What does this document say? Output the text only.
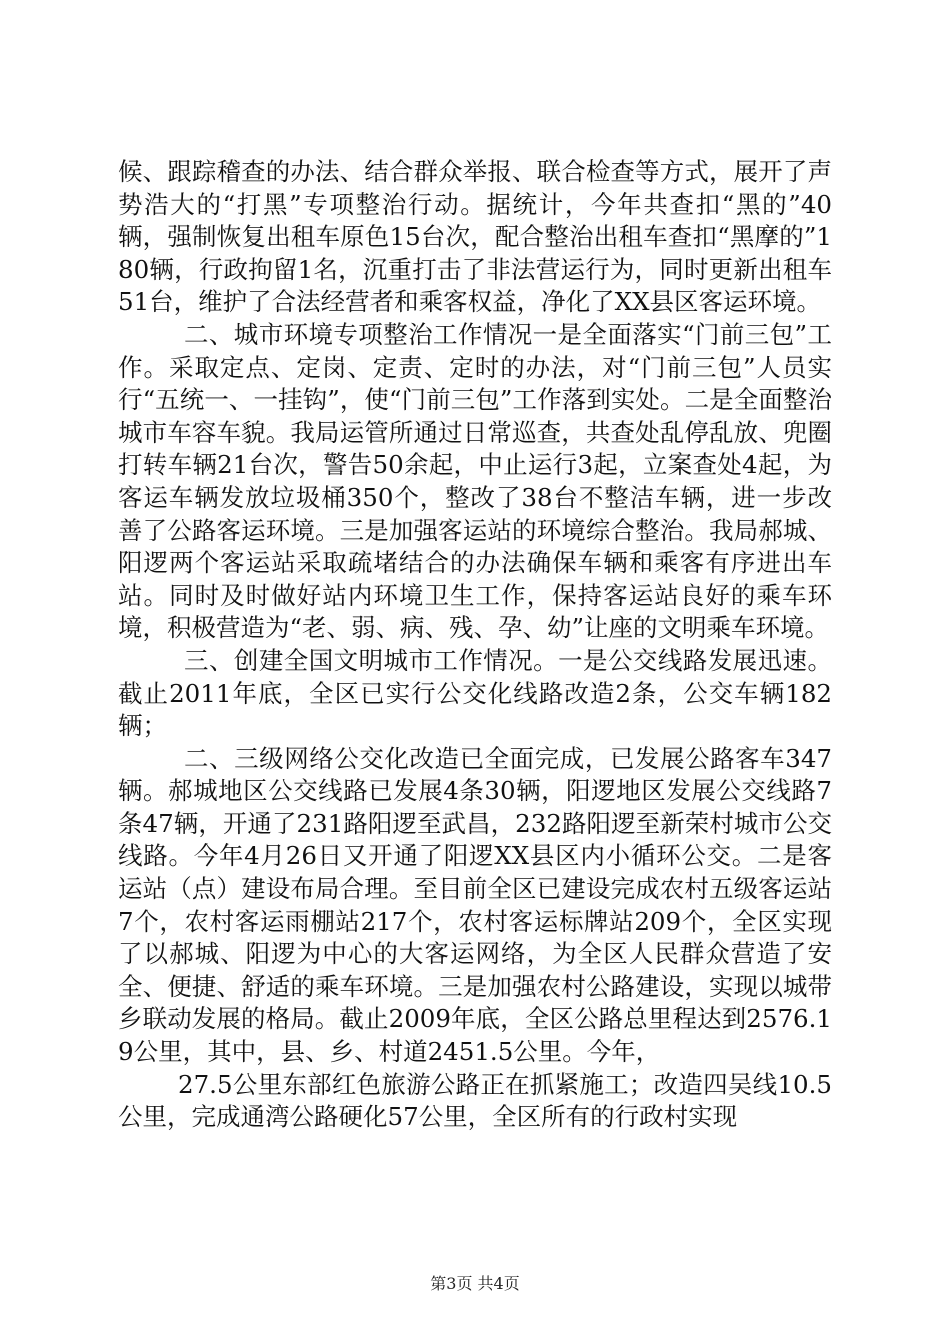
候、跟踪稽查的办法、结合群众举报、联合检查等方式，展开了声势浩大的“打黑”专项整治行动。据统计，今年共查扣“黑的”40辆，强制恢复出租车原色15台次，配合整治出租车查扣“黑摩的”180辆，行政拘留1名，沉重打击了非法营运行为，同时更新出租车51台，维护了合法经营者和乘客权益，净化了XX县区客运环境。

二、城市环境专项整治工作情况一是全面落实“门前三包”工作。采取定点、定岗、定责、定时的办法，对“门前三包”人员实行“五统一、一挂钩”，使“门前三包”工作落到实处。二是全面整治城市车容车貌。我局运管所通过日常巡查，共查处乱停乱放、兜圈打转车辆21台次，警告50余起，中止运行3起，立案查处4起，为客运车辆发放垃圾桶350个，整改了38台不整洁车辆，进一步改善了公路客运环境。三是加强客运站的环境综合整治。我局郝城、阳逻两个客运站采取疏堵结合的办法确保车辆和乘客有序进出车站。同时及时做好站内环境卫生工作，保持客运站良好的乘车环境，积极营造为“老、弱、病、残、孕、幼”让座的文明乘车环境。

三、创建全国文明城市工作情况。一是公交线路发展迅速。截止2011年底，全区已实行公交化线路改造2条，公交车辆182辆；

二、三级网络公交化改造已全面完成，已发展公路客车347辆。郝城地区公交线路已发展4条30辆，阳逻地区发展公交线路7条47辆，开通了231路阳逻至武昌，232路阳逻至新荣村城市公交线路。今年4月26日又开通了阳逻XX县区内小循环公交。二是客运站（点）建设布局合理。至目前全区已建设完成农村五级客运站7个，农村客运雨棚站217个，农村客运标牌站209个，全区实现了以郝城、阳逻为中心的大客运网络，为全区人民群众营造了安全、便捷、舒适的乘车环境。三是加强农村公路建设，实现以城带乡联动发展的格局。截止2009年底，全区公路总里程达到2576.19公里，其中，县、乡、村道2451.5公里。今年，

27.5公里东部红色旅游公路正在抓紧施工；改造四吴线10.5公里，完成通湾公路硬化57公里，全区所有的行政村实现

第3页 共4页
